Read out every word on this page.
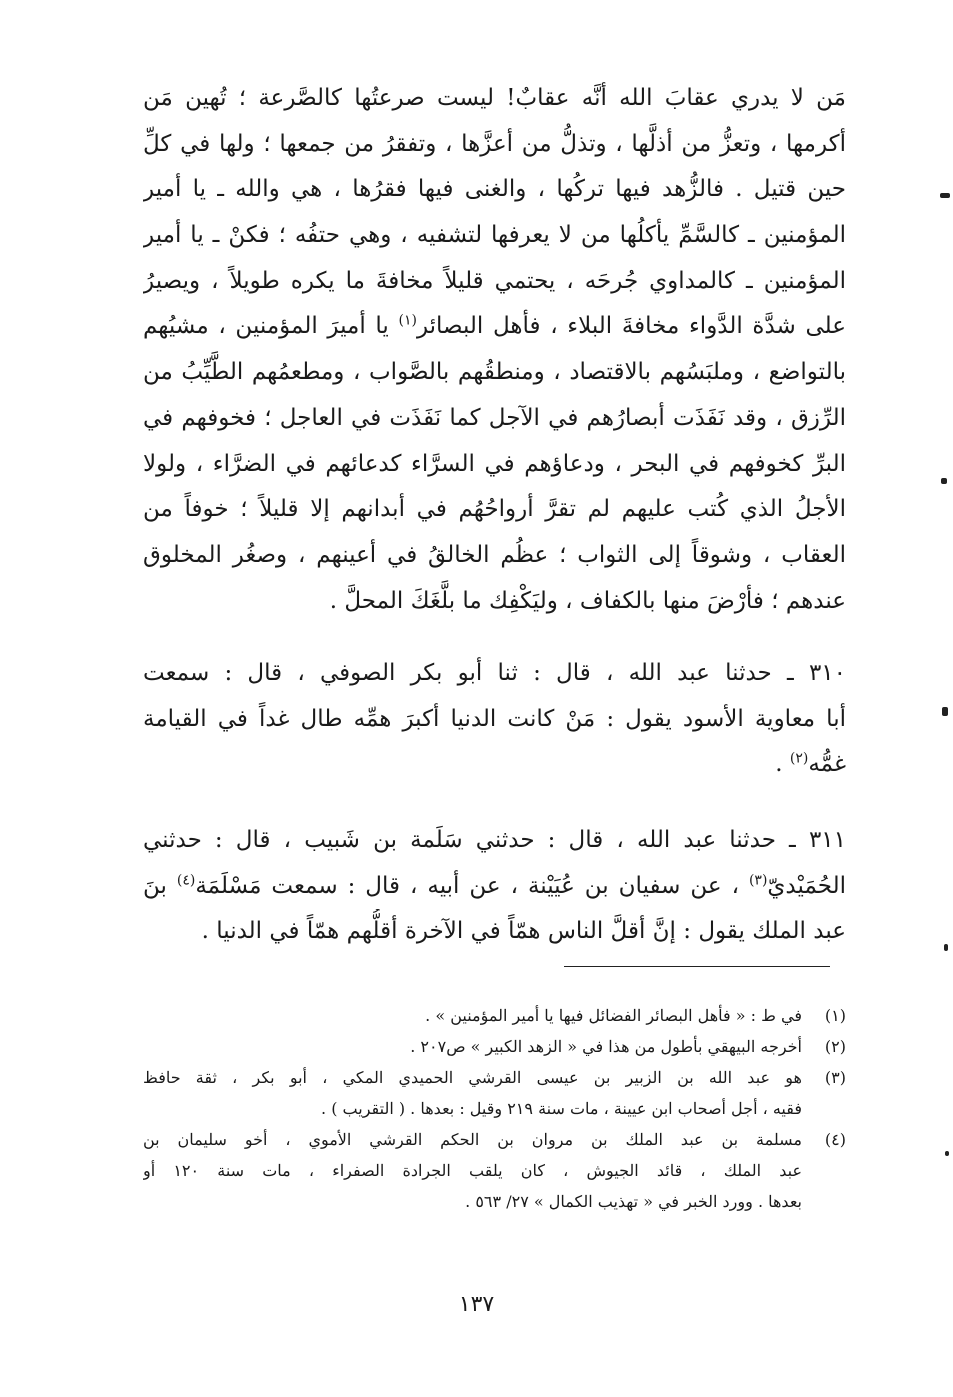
مَن لا يدري عقابَ الله أنَّه عقابٌ! ليست صرعتُها كالصَّرعة ؛ تُهين مَن
أكرمها ، وتعزُّ من أذلَّها ، وتذلُّ من أعزَّها ، وتفقرُ من جمعها ؛ ولها في كلِّ
حين قتيل . فالزُّهد فيها تركُها ، والغنى فيها فقرُها ، هي والله ـ يا أمير
المؤمنين ـ كالسَّمِّ يأكلُها من لا يعرفها لتشفيه ، وهي حتفُه ؛ فكنْ ـ يا أمير
المؤمنين ـ كالمداوي جُرحَه ، يحتمي قليلاً مخافةَ ما يكره طويلاً ، ويصيرُ
على شدَّة الدَّواء مخافةَ البلاء ، فأهل البصائر$^{(١)}$ يا أميرَ المؤمنين ، مشيُهم
بالتواضع ، وملبَسُهم بالاقتصاد ، ومنطقُهم بالصَّواب ، ومطعمُهم الطَّيِّبُ من
الرِّزق ، وقد نَفَذَت أبصارُهم في الآجل كما نَفَذَت في العاجل ؛ فخوفهم في
البرِّ كخوفهم في البحر ، ودعاؤهم في السرَّاء كدعائهم في الضرَّاء ، ولولا
الأجلُ الذي كُتب عليهم لم تقرَّ أرواحُهُم في أبدانهم إلا قليلاً ؛ خوفاً من
العقاب ، وشوقاً إلى الثواب ؛ عظُم الخالقُ في أعينهم ، وصغُر المخلوق
عندهم ؛ فأرْضَ منها بالكفاف ، وليَكْفِك ما بلَّغَكَ المحلَّ .
٣١٠ ـ حدثنا عبد الله ، قال : ثنا أبو بكر الصوفي ، قال : سمعت
أبا معاوية الأسود يقول : مَنْ كانت الدنيا أكبرَ همِّه طال غداً في القيامة
غمُّه$^{(٢)}$ .
٣١١ ـ حدثنا عبد الله ، قال : حدثني سَلَمة بن شَبيب ، قال : حدثني
الحُمَيْديّ$^{(٣)}$ ، عن سفيان بن عُيَيْنة ، عن أبيه ، قال : سمعت مَسْلَمَة$^{(٤)}$ بنَ
عبد الملك يقول : إنَّ أقلَّ الناس همّاً في الآخرة أقلُّهم همّاً في الدنيا .
(١)
في ط : « فأهل البصائر الفضائل فيها يا أمير المؤمنين » .
(٢)
أخرجه البيهقي بأطول من هذا في « الزهد الكبير » ص٢٠٧ .
(٣)
هو عبد الله بن الزبير بن عيسى القرشي الحميدي المكي ، أبو بكر ، ثقة حافظ
فقيه ، أجل أصحاب ابن عيينة ، مات سنة ٢١٩ وقيل : بعدها . ( التقريب ) .
(٤)
مسلمة بن عبد الملك بن مروان بن الحكم القرشي الأموي ، أخو سليمان بن
عبد الملك ، قائد الجيوش ، كان يلقب الجرادة الصفراء ، مات سنة ١٢٠ أو
بعدها . وورد الخبر في « تهذيب الكمال » ٢٧/ ٥٦٣ .
١٣٧
